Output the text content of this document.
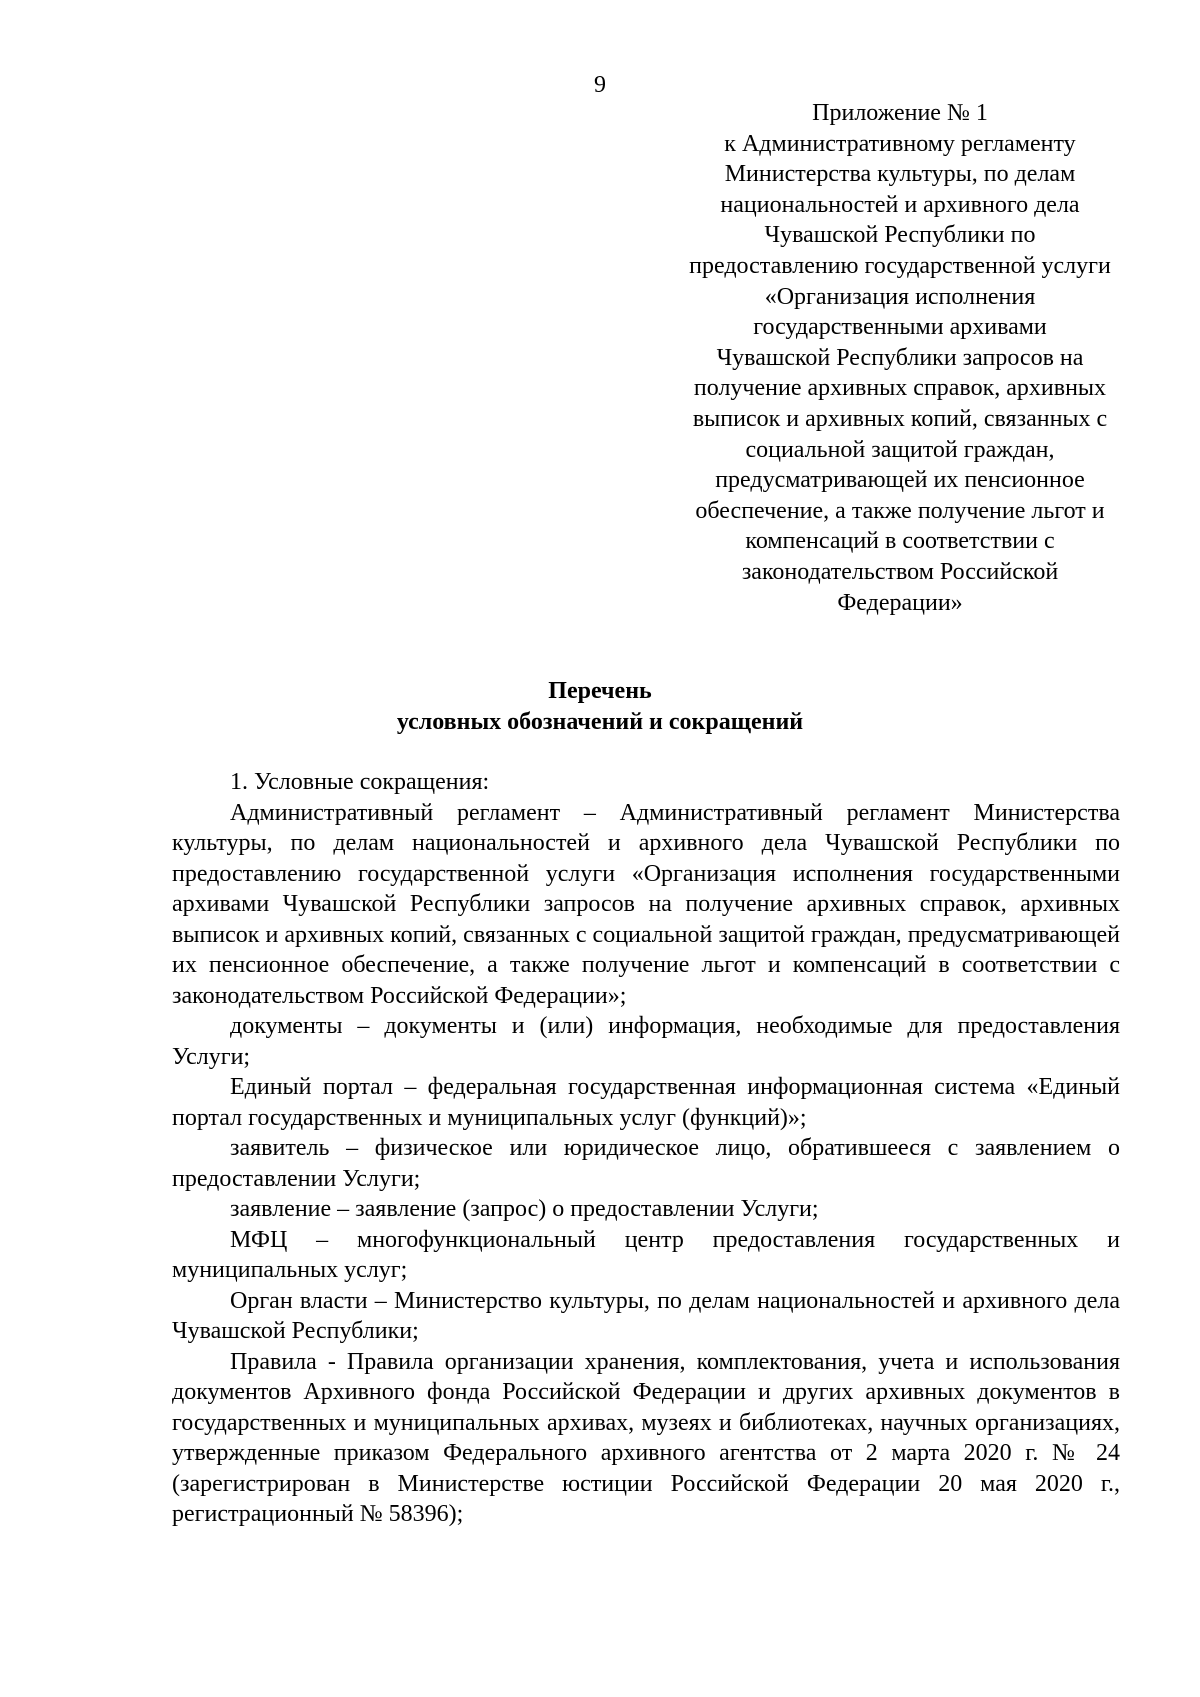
9
Приложение № 1
к Административному регламенту
Министерства культуры, по делам
национальностей и архивного дела
Чувашской Республики по
предоставлению государственной услуги
«Организация исполнения
государственными архивами
Чувашской Республики запросов на
получение архивных справок, архивных
выписок и архивных копий, связанных с
социальной защитой граждан,
предусматривающей их пенсионное
обеспечение, а также получение льгот и
компенсаций в соответствии с
законодательством Российской
Федерации»
Перечень
условных обозначений и сокращений

1. Условные сокращения:

Административный регламент – Административный регламент Министерства культуры, по делам национальностей и архивного дела Чувашской Республики по предоставлению государственной услуги «Организация исполнения государственными архивами Чувашской Республики запросов на получение архивных справок, архивных выписок и архивных копий, связанных с социальной защитой граждан, предусматривающей их пенсионное обеспечение, а также получение льгот и компенсаций в соответствии с законодательством Российской Федерации»;

документы – документы и (или) информация, необходимые для предоставления Услуги;

Единый портал – федеральная государственная информационная система «Единый портал государственных и муниципальных услуг (функций)»;

заявитель – физическое или юридическое лицо, обратившееся с заявлением о предоставлении Услуги;

заявление – заявление (запрос) о предоставлении Услуги;

МФЦ – многофункциональный центр предоставления государственных и муниципальных услуг;

Орган власти – Министерство культуры, по делам национальностей и архивного дела Чувашской Республики;

Правила - Правила организации хранения, комплектования, учета и использования документов Архивного фонда Российской Федерации и других архивных документов в государственных и муниципальных архивах, музеях и библиотеках, научных организациях, утвержденные приказом Федерального архивного агентства от 2 марта 2020 г. № 24 (зарегистрирован в Министерстве юстиции Российской Федерации 20 мая 2020 г., регистрационный № 58396);
